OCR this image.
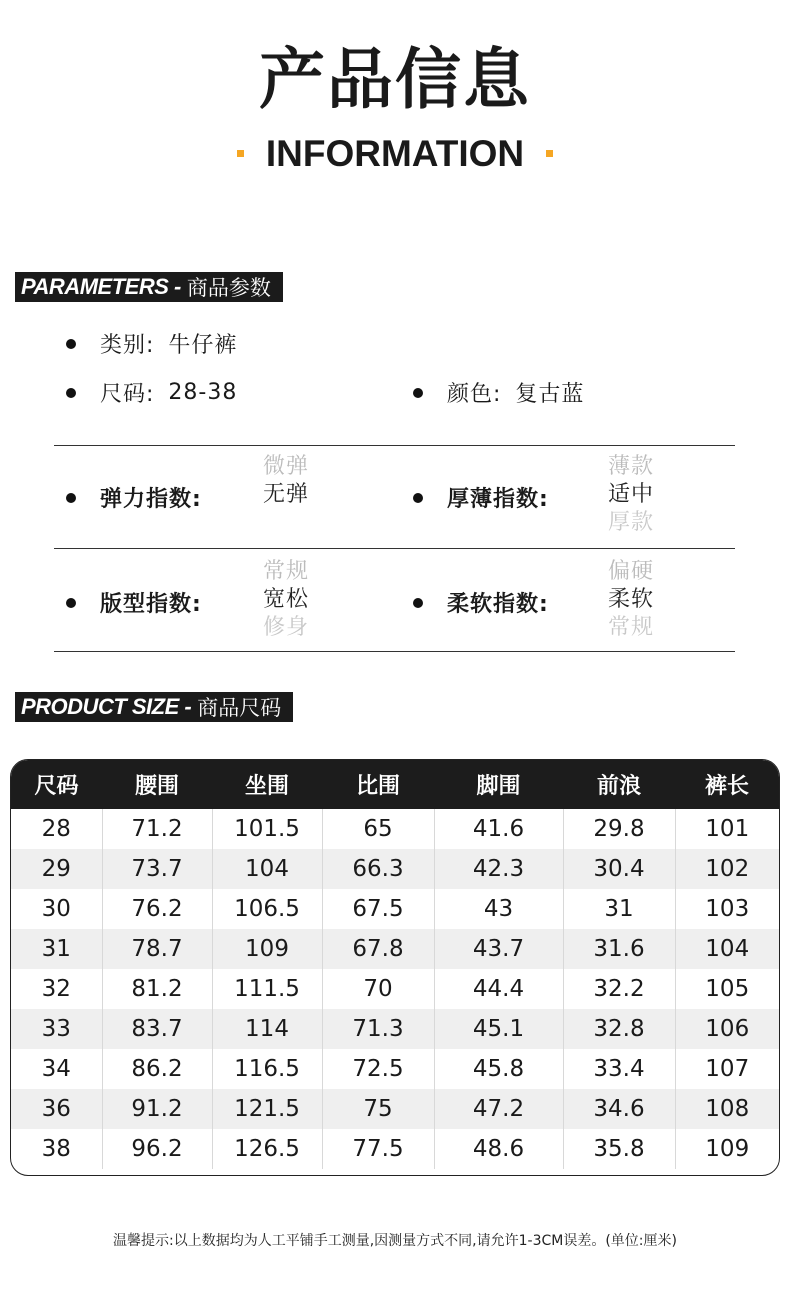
产品信息
INFORMATION
PARAMETERS - 商品参数
类别: 牛仔裤
尺码: 28-38	颜色: 复古蓝
弹力指数:
微弹
无弹	厚薄指数:
薄款
适中
厚款
版型指数:
常规
宽松
修身
柔软指数:
偏硬
柔软
常规
PRODUCT SIZE - 商品尺码
尺码	腰围	坐围	比围	脚围	前浪	裤长
28	71.2	101.5	65	41.6	29.8	101
29	73.7	104	66.3	42.3	30.4	102
30	76.2	106.5	67.5	43	31	103
31	78.7	109	67.8	43.7	31.6	104
32	81.2	111.5	70	44.4	32.2	105
33	83.7	114	71.3	45.1	32.8	106
34	86.2	116.5	72.5	45.8	33.4	107
36	91.2	121.5	75	47.2	34.6	108
38	96.2	126.5	77.5	48.6	35.8	109
温馨提示:以上数据均为人工平铺手工测量,因测量方式不同,请允许1-3CM误差。(单位:厘米)
